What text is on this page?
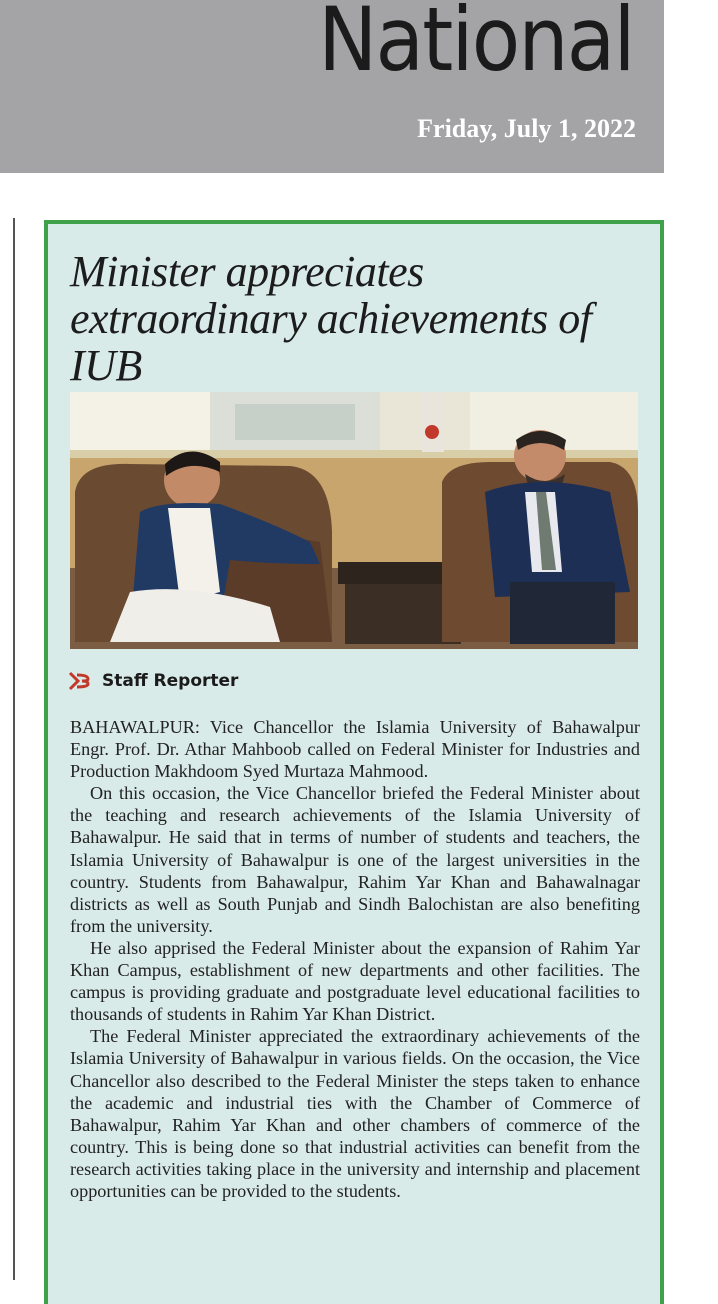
National
Friday, July 1, 2022
Minister appreciates extraordinary achievements of IUB
Staff Reporter

BAHAWALPUR: Vice Chancellor the Islamia University of Bahawalpur Engr. Prof. Dr. Athar Mahboob called on Federal Minister for Industries and Production Makhdoom Syed Murtaza Mahmood.

On this occasion, the Vice Chancellor briefed the Federal Minister about the teaching and research achievements of the Islamia University of Bahawalpur. He said that in terms of number of students and teachers, the Islamia University of Bahawalpur is one of the largest universities in the country. Students from Bahawalpur, Rahim Yar Khan and Bahawalnagar districts as well as South Punjab and Sindh Balochistan are also benefiting from the university.

He also apprised the Federal Minister about the expansion of Rahim Yar Khan Campus, establishment of new departments and other facilities. The campus is providing graduate and postgraduate level educational facilities to thousands of students in Rahim Yar Khan District.

The Federal Minister appreciated the extraordinary achievements of the Islamia University of Bahawalpur in various fields. On the occasion, the Vice Chancellor also described to the Federal Minister the steps taken to enhance the academic and industrial ties with the Chamber of Commerce of Bahawalpur, Rahim Yar Khan and other chambers of commerce of the country. This is being done so that industrial activities can benefit from the research activities taking place in the university and internship and placement opportunities can be provided to the students.
